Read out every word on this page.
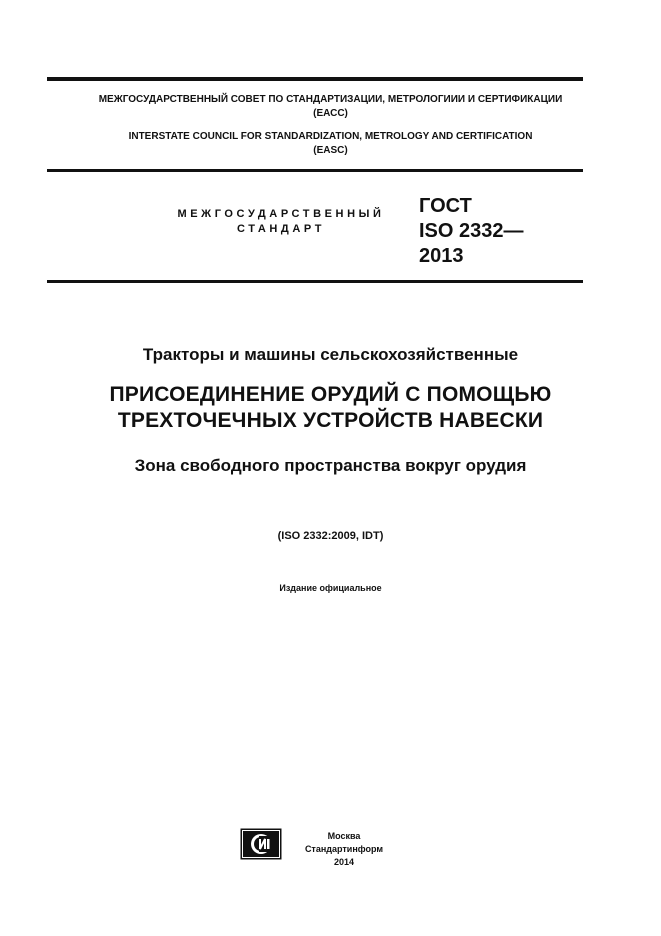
МЕЖГОСУДАРСТВЕННЫЙ СОВЕТ ПО СТАНДАРТИЗАЦИИ, МЕТРОЛОГИИИ И СЕРТИФИКАЦИИ
(ЕАСС)
INTERSTATE COUNCIL FOR STANDARDIZATION, METROLOGY AND CERTIFICATION
(EASC)
МЕЖГОСУДАРСТВЕННЫЙ
СТАНДАРТ
ГОСТ
ISO 2332—
2013
Тракторы и машины сельскохозяйственные
ПРИСОЕДИНЕНИЕ ОРУДИЙ С ПОМОЩЬЮ
ТРЕХТОЧЕЧНЫХ УСТРОЙСТВ НАВЕСКИ
Зона свободного пространства вокруг орудия
(ISO 2332:2009, IDT)
Издание официальное
Москва
Стандартинформ
2014
